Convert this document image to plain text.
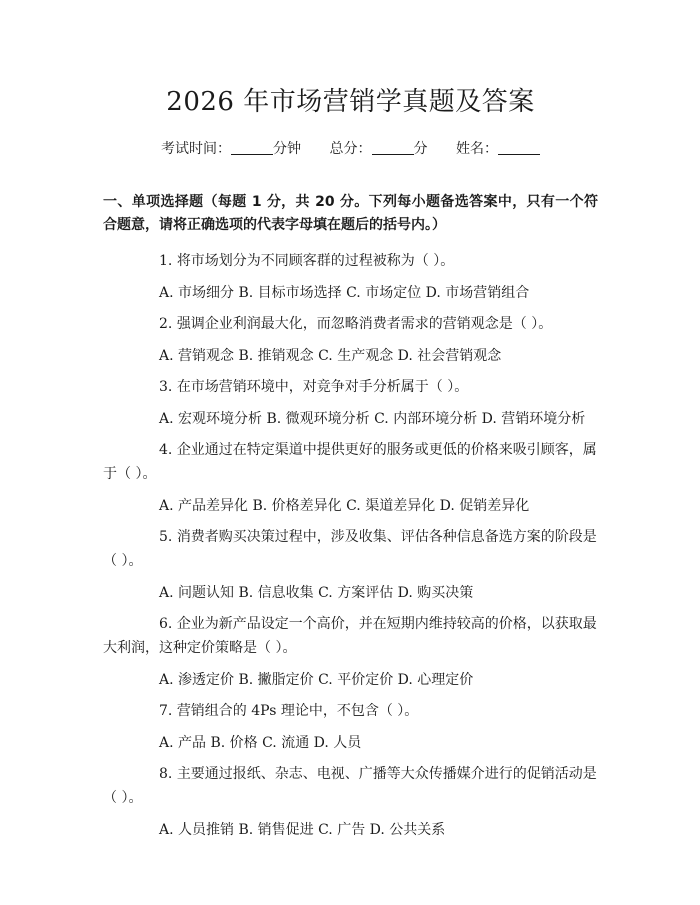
2026 年市场营销学真题及答案
考试时间：	分钟 总分：	分 姓名：
一、单项选择题（每题 1 分，共 20 分。下列每小题备选答案中，只有一个符合题意，请将正确选项的代表字母填在题后的括号内。）

1. 将市场划分为不同顾客群的过程被称为（ ）。

A. 市场细分 B. 目标市场选择 C. 市场定位 D. 市场营销组合

2. 强调企业利润最大化，而忽略消费者需求的营销观念是（ ）。

A. 营销观念 B. 推销观念 C. 生产观念 D. 社会营销观念

3. 在市场营销环境中，对竞争对手分析属于（ ）。

A. 宏观环境分析 B. 微观环境分析 C. 内部环境分析 D. 营销环境分析

4. 企业通过在特定渠道中提供更好的服务或更低的价格来吸引顾客，属于（ ）。

A. 产品差异化 B. 价格差异化 C. 渠道差异化 D. 促销差异化

5. 消费者购买决策过程中，涉及收集、评估各种信息备选方案的阶段是（ ）。

A. 问题认知 B. 信息收集 C. 方案评估 D. 购买决策

6. 企业为新产品设定一个高价，并在短期内维持较高的价格，以获取最大利润，这种定价策略是（ ）。

A. 渗透定价 B. 撇脂定价 C. 平价定价 D. 心理定价

7. 营销组合的 4Ps 理论中，不包含（ ）。

A. 产品 B. 价格 C. 流通 D. 人员

8. 主要通过报纸、杂志、电视、广播等大众传播媒介进行的促销活动是（ ）。

A. 人员推销 B. 销售促进 C. 广告 D. 公共关系
